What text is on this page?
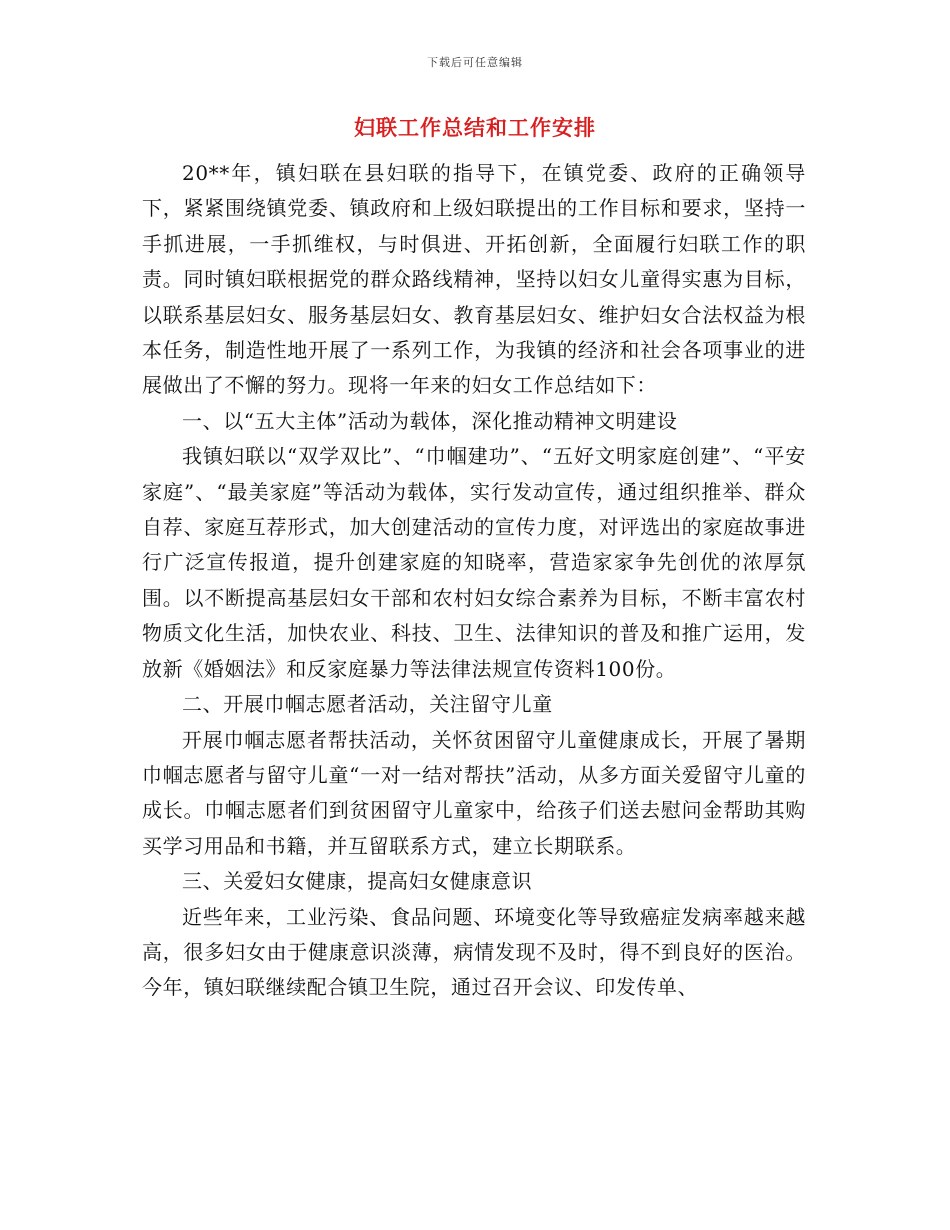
下载后可任意编辑
妇联工作总结和工作安排

20**年，镇妇联在县妇联的指导下，在镇党委、政府的正确领导下，紧紧围绕镇党委、镇政府和上级妇联提出的工作目标和要求，坚持一手抓进展，一手抓维权，与时俱进、开拓创新，全面履行妇联工作的职责。同时镇妇联根据党的群众路线精神，坚持以妇女儿童得实惠为目标，以联系基层妇女、服务基层妇女、教育基层妇女、维护妇女合法权益为根本任务，制造性地开展了一系列工作，为我镇的经济和社会各项事业的进展做出了不懈的努力。现将一年来的妇女工作总结如下：

一、以“五大主体”活动为载体，深化推动精神文明建设

我镇妇联以“双学双比”、“巾帼建功”、“五好文明家庭创建”、“平安家庭”、“最美家庭”等活动为载体，实行发动宣传，通过组织推举、群众自荐、家庭互荐形式，加大创建活动的宣传力度，对评选出的家庭故事进行广泛宣传报道，提升创建家庭的知晓率，营造家家争先创优的浓厚氛围。以不断提高基层妇女干部和农村妇女综合素养为目标，不断丰富农村物质文化生活，加快农业、科技、卫生、法律知识的普及和推广运用，发放新《婚姻法》和反家庭暴力等法律法规宣传资料100份。

二、开展巾帼志愿者活动，关注留守儿童

开展巾帼志愿者帮扶活动，关怀贫困留守儿童健康成长，开展了暑期巾帼志愿者与留守儿童“一对一结对帮扶”活动，从多方面关爱留守儿童的成长。巾帼志愿者们到贫困留守儿童家中，给孩子们送去慰问金帮助其购买学习用品和书籍，并互留联系方式，建立长期联系。

三、关爱妇女健康，提高妇女健康意识

近些年来，工业污染、食品问题、环境变化等导致癌症发病率越来越高，很多妇女由于健康意识淡薄，病情发现不及时，得不到良好的医治。今年，镇妇联继续配合镇卫生院，通过召开会议、印发传单、
